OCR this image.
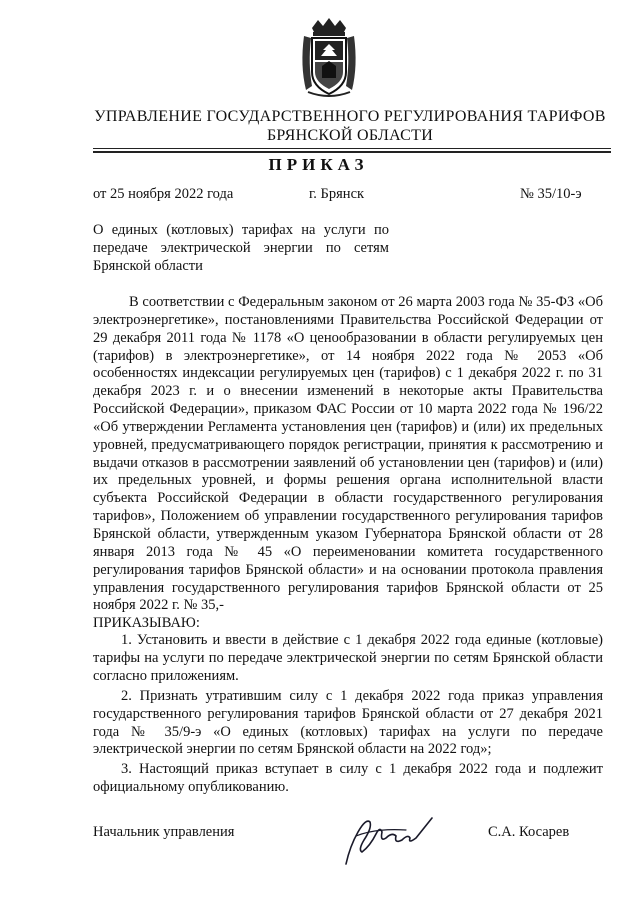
УПРАВЛЕНИЕ ГОСУДАРСТВЕННОГО РЕГУЛИРОВАНИЯ ТАРИФОВ
БРЯНСКОЙ ОБЛАСТИ
ПРИКАЗ
от 25 ноября 2022 года	г. Брянск	№ 35/10-э
О единых (котловых) тарифах на услуги по передаче электрической энергии по сетям Брянской области

В соответствии с Федеральным законом от 26 марта 2003 года № 35-ФЗ «Об электроэнергетике», постановлениями Правительства Российской Федерации от 29 декабря 2011 года № 1178 «О ценообразовании в области регулируемых цен (тарифов) в электроэнергетике», от 14 ноября 2022 года № 2053 «Об особенностях индексации регулируемых цен (тарифов) с 1 декабря 2022 г. по 31 декабря 2023 г. и о внесении изменений в некоторые акты Правительства Российской Федерации», приказом ФАС России от 10 марта 2022 года № 196/22 «Об утверждении Регламента установления цен (тарифов) и (или) их предельных уровней, предусматривающего порядок регистрации, принятия к рассмотрению и выдачи отказов в рассмотрении заявлений об установлении цен (тарифов) и (или) их предельных уровней, и формы решения органа исполнительной власти субъекта Российской Федерации в области государственного регулирования тарифов», Положением об управлении государственного регулирования тарифов Брянской области, утвержденным указом Губернатора Брянской области от 28 января 2013 года № 45 «О переименовании комитета государственного регулирования тарифов Брянской области» и на основании протокола правления управления государственного регулирования тарифов Брянской области от 25 ноября 2022 г. № 35,-

ПРИКАЗЫВАЮ:

1. Установить и ввести в действие с 1 декабря 2022 года единые (котловые) тарифы на услуги по передаче электрической энергии по сетям Брянской области согласно приложениям.

2. Признать утратившим силу с 1 декабря 2022 года приказ управления государственного регулирования тарифов Брянской области от 27 декабря 2021 года № 35/9-э «О единых (котловых) тарифах на услуги по передаче электрической энергии по сетям Брянской области на 2022 год»;

3. Настоящий приказ вступает в силу с 1 декабря 2022 года и подлежит официальному опубликованию.

Начальник управления	С.А. Косарев
